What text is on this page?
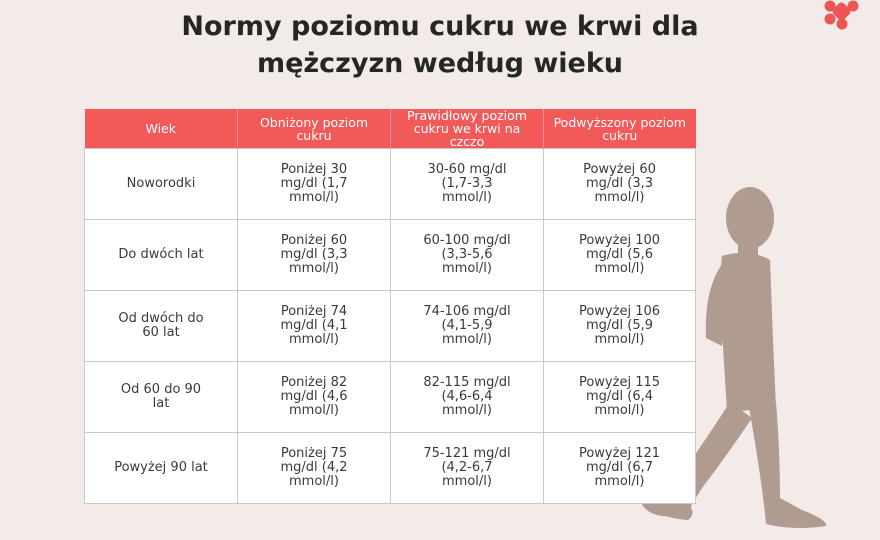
Normy poziomu cukru we krwi dla
mężczyzn według wieku
Wiek	Obniżony poziom cukru	Prawidłowy poziom cukru we krwi na czczo	Podwyższony poziom cukru
Noworodki	Poniżej 30 mg/dl (1,7 mmol/l)	30-60 mg/dl (1,7-3,3 mmol/l)	Powyżej 60 mg/dl (3,3 mmol/l)
Do dwóch lat	Poniżej 60 mg/dl (3,3 mmol/l)	60-100 mg/dl (3,3-5,6 mmol/l)	Powyżej 100 mg/dl (5,6 mmol/l)
Od dwóch do 60 lat	Poniżej 74 mg/dl (4,1 mmol/l)	74-106 mg/dl (4,1-5,9 mmol/l)	Powyżej 106 mg/dl (5,9 mmol/l)
Od 60 do 90 lat	Poniżej 82 mg/dl (4,6 mmol/l)	82-115 mg/dl (4,6-6,4 mmol/l)	Powyżej 115 mg/dl (6,4 mmol/l)
Powyżej 90 lat	Poniżej 75 mg/dl (4,2 mmol/l)	75-121 mg/dl (4,2-6,7 mmol/l)	Powyżej 121 mg/dl (6,7 mmol/l)
